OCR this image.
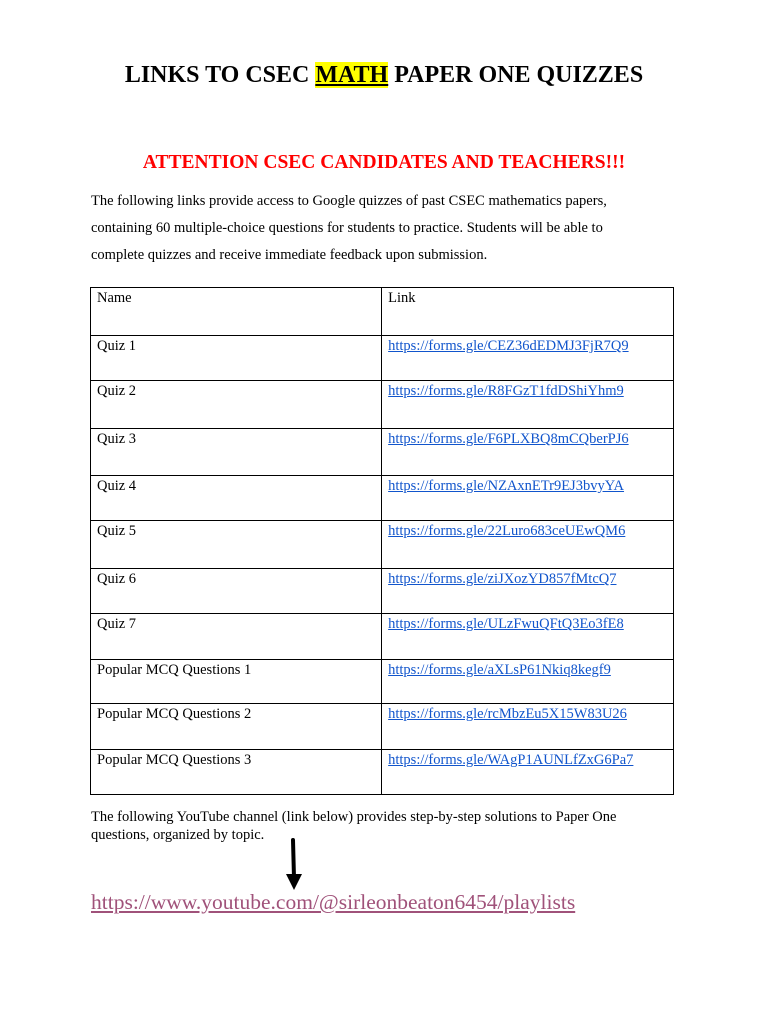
LINKS TO CSEC MATH PAPER ONE QUIZZES
ATTENTION CSEC CANDIDATES AND TEACHERS!!!
The following links provide access to Google quizzes of past CSEC mathematics papers,
containing 60 multiple-choice questions for students to practice. Students will be able to
complete quizzes and receive immediate feedback upon submission.
Name	Link
Quiz 1	https://forms.gle/CEZ36dEDMJ3FjR7Q9
Quiz 2	https://forms.gle/R8FGzT1fdDShiYhm9
Quiz 3	https://forms.gle/F6PLXBQ8mCQberPJ6
Quiz 4	https://forms.gle/NZAxnETr9EJ3bvyYA
Quiz 5	https://forms.gle/22Luro683ceUEwQM6
Quiz 6	https://forms.gle/ziJXozYD857fMtcQ7
Quiz 7	https://forms.gle/ULzFwuQFtQ3Eo3fE8
Popular MCQ Questions 1	https://forms.gle/aXLsP61Nkiq8kegf9
Popular MCQ Questions 2	https://forms.gle/rcMbzEu5X15W83U26
Popular MCQ Questions 3	https://forms.gle/WAgP1AUNLfZxG6Pa7
The following YouTube channel (link below) provides step-by-step solutions to Paper One
questions, organized by topic.
https://www.youtube.com/@sirleonbeaton6454/playlists
